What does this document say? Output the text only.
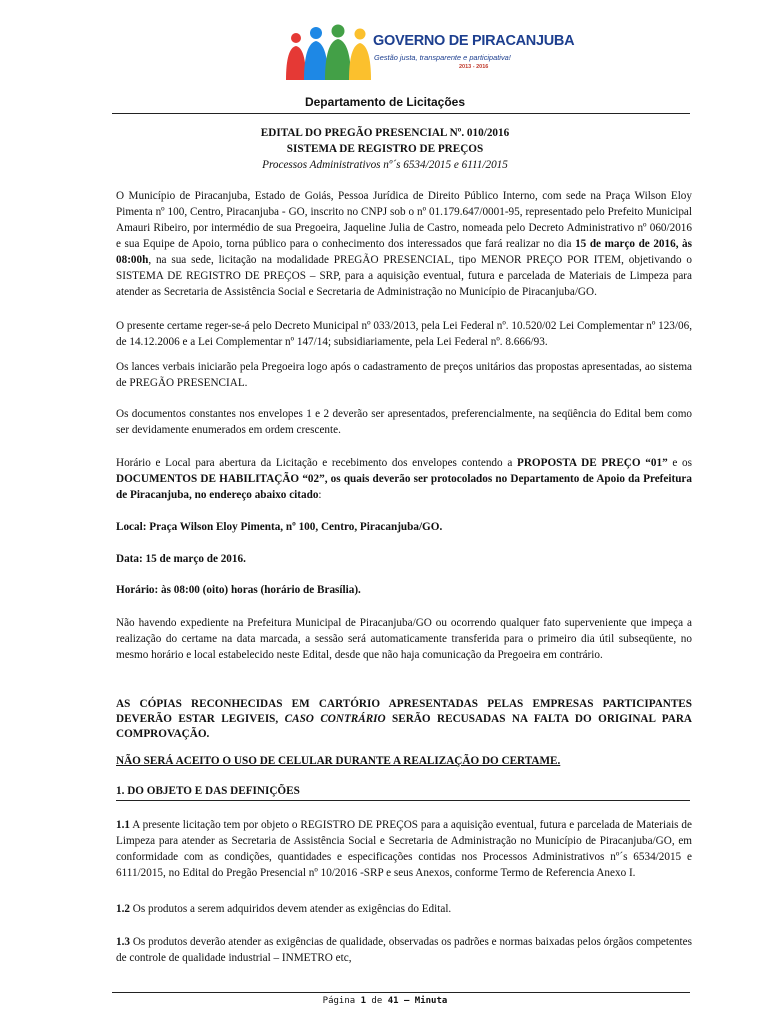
GOVERNO DE PIRACANJUBA
Gestão justa, transparente e participativa!
2013 - 2016
Departamento de Licitações
EDITAL DO PREGÃO PRESENCIAL Nº. 010/2016
SISTEMA DE REGISTRO DE PREÇOS
Processos Administrativos nº´s 6534/2015 e 6111/2015

O Município de Piracanjuba, Estado de Goiás, Pessoa Jurídica de Direito Público Interno, com sede na Praça Wilson Eloy Pimenta nº 100, Centro, Piracanjuba - GO, inscrito no CNPJ sob o nº 01.179.647/0001-95, representado pelo Prefeito Municipal Amauri Ribeiro, por intermédio de sua Pregoeira, Jaqueline Julia de Castro, nomeada pelo Decreto Administrativo nº 060/2016 e sua Equipe de Apoio, torna público para o conhecimento dos interessados que fará realizar no dia 15 de março de 2016, às 08:00h, na sua sede, licitação na modalidade PREGÃO PRESENCIAL, tipo MENOR PREÇO POR ITEM, objetivando o SISTEMA DE REGISTRO DE PREÇOS – SRP, para a aquisição eventual, futura e parcelada de Materiais de Limpeza para atender as Secretaria de Assistência Social e Secretaria de Administração no Município de Piracanjuba/GO.

O presente certame reger-se-á pelo Decreto Municipal nº 033/2013, pela Lei Federal nº. 10.520/02 Lei Complementar nº 123/06, de 14.12.2006 e a Lei Complementar nº 147/14; subsidiariamente, pela Lei Federal nº. 8.666/93.

Os lances verbais iniciarão pela Pregoeira logo após o cadastramento de preços unitários das propostas apresentadas, ao sistema de PREGÃO PRESENCIAL.

Os documentos constantes nos envelopes 1 e 2 deverão ser apresentados, preferencialmente, na seqüência do Edital bem como ser devidamente enumerados em ordem crescente.

Horário e Local para abertura da Licitação e recebimento dos envelopes contendo a PROPOSTA DE PREÇO “01” e os DOCUMENTOS DE HABILITAÇÃO “02”, os quais deverão ser protocolados no Departamento de Apoio da Prefeitura de Piracanjuba, no endereço abaixo citado:

Local: Praça Wilson Eloy Pimenta, nº 100, Centro, Piracanjuba/GO.
Data: 15 de março de 2016.
Horário: às 08:00 (oito) horas (horário de Brasília).

Não havendo expediente na Prefeitura Municipal de Piracanjuba/GO ou ocorrendo qualquer fato superveniente que impeça a realização do certame na data marcada, a sessão será automaticamente transferida para o primeiro dia útil subseqüente, no mesmo horário e local estabelecido neste Edital, desde que não haja comunicação da Pregoeira em contrário.

AS CÓPIAS RECONHECIDAS EM CARTÓRIO APRESENTADAS PELAS EMPRESAS PARTICIPANTES DEVERÃO ESTAR LEGIVEIS, CASO CONTRÁRIO SERÃO RECUSADAS NA FALTA DO ORIGINAL PARA COMPROVAÇÃO.

NÃO SERÁ ACEITO O USO DE CELULAR DURANTE A REALIZAÇÃO DO CERTAME.
1. DO OBJETO E DAS DEFINIÇÕES

1.1 A presente licitação tem por objeto o REGISTRO DE PREÇOS para a aquisição eventual, futura e parcelada de Materiais de Limpeza para atender as Secretaria de Assistência Social e Secretaria de Administração no Município de Piracanjuba/GO, em conformidade com as condições, quantidades e especificações contidas nos Processos Administrativos nº´s 6534/2015 e 6111/2015, no Edital do Pregão Presencial nº 10/2016 -SRP e seus Anexos, conforme Termo de Referencia Anexo I.

1.2 Os produtos a serem adquiridos devem atender as exigências do Edital.

1.3 Os produtos deverão atender as exigências de qualidade, observadas os padrões e normas baixadas pelos órgãos competentes de controle de qualidade industrial – INMETRO etc,

Página 1 de 41 – Minuta
